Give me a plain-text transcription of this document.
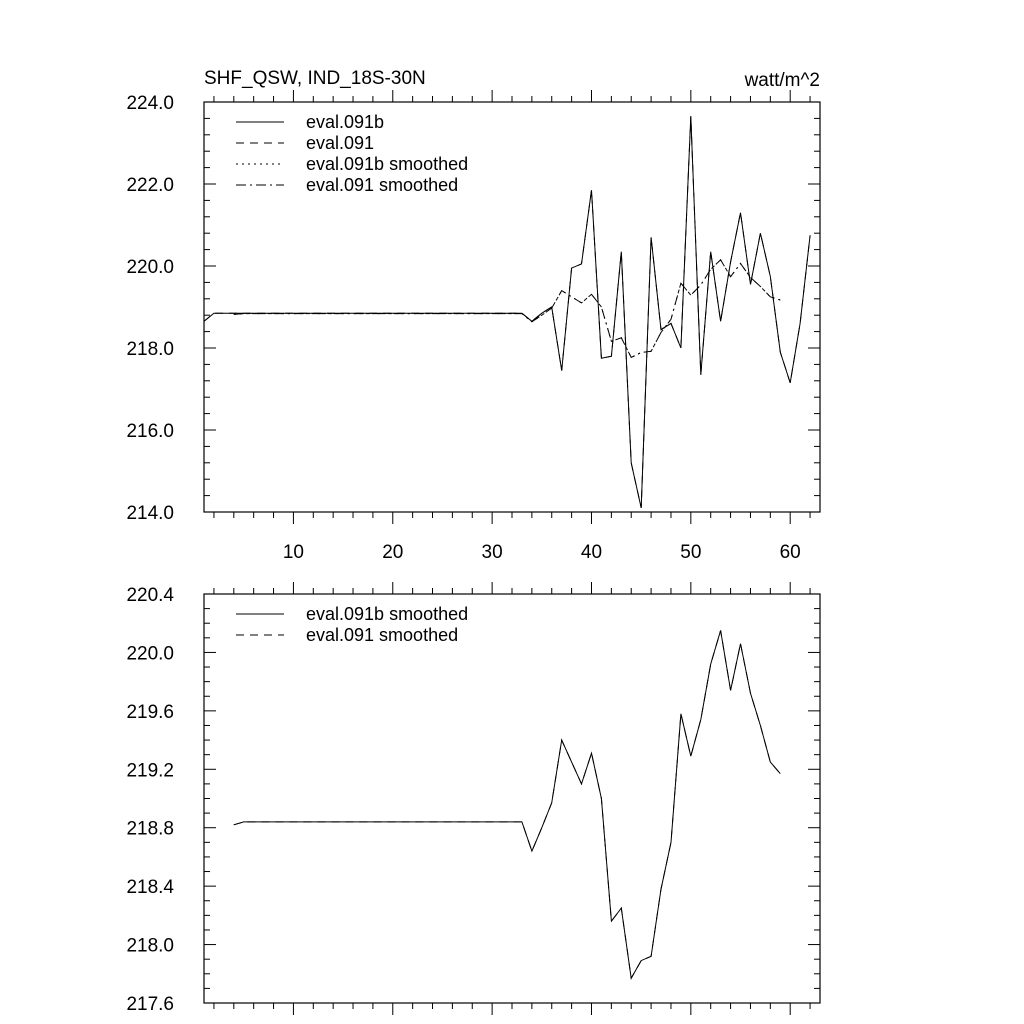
SHF_QSW, IND_18S-30N	watt/m^2
10	20	30	40	50	60
214.0
216.0
218.0
220.0
222.0
224.0
eval.091b
eval.091
eval.091b smoothed
eval.091 smoothed
217.6
218.0
218.4
218.8
219.2
219.6
220.0
220.4
eval.091b smoothed
eval.091 smoothed
